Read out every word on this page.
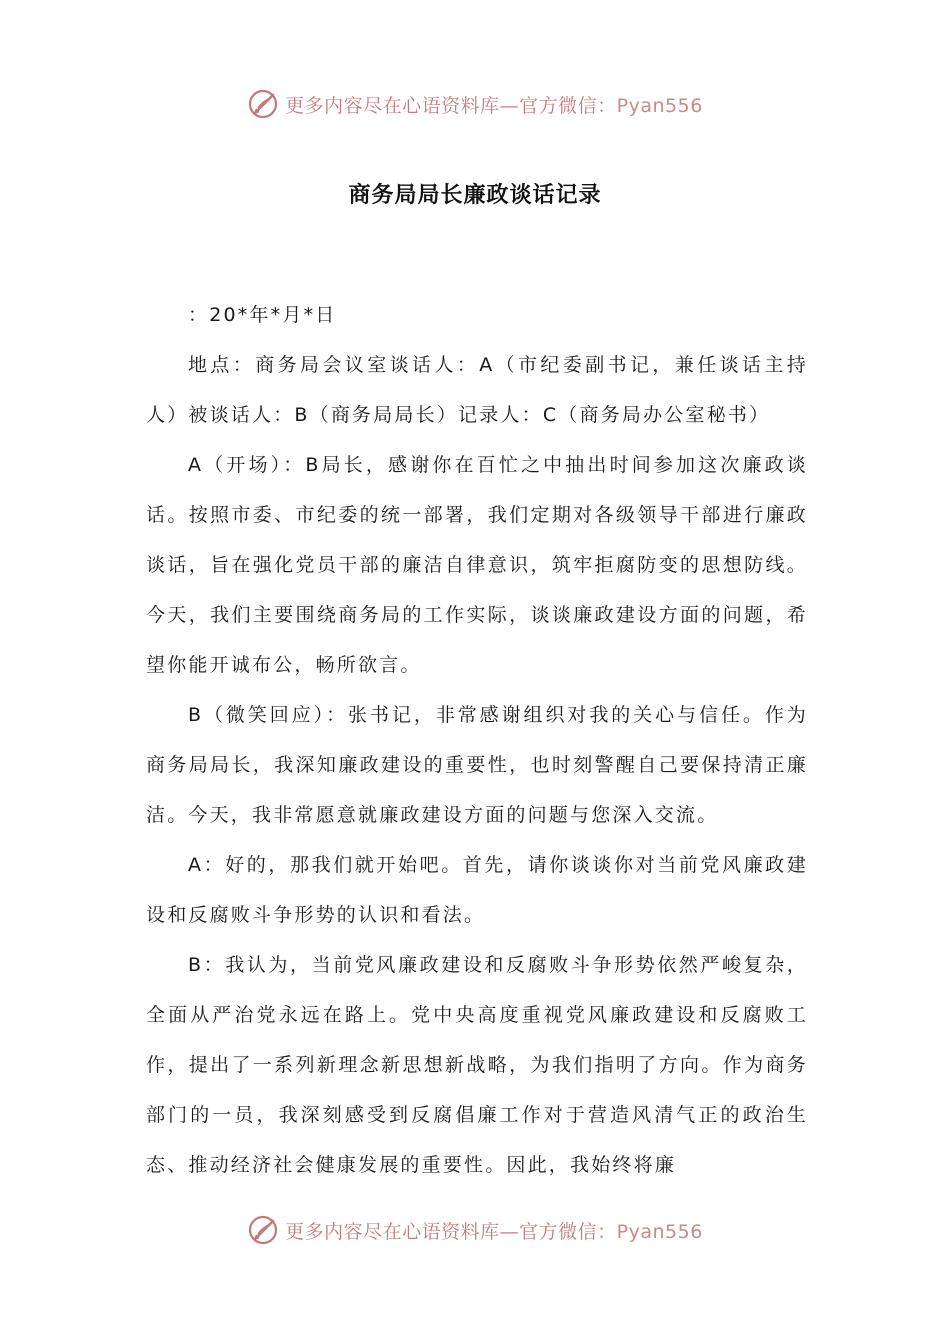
更多内容尽在心语资料库—官方微信：Pyan556
商务局局长廉政谈话记录

：20*年*月*日

地点：商务局会议室谈话人：A（市纪委副书记，兼任谈话主持人）被谈话人：B（商务局局长）记录人：C（商务局办公室秘书）

A（开场）：B局长，感谢你在百忙之中抽出时间参加这次廉政谈话。按照市委、市纪委的统一部署，我们定期对各级领导干部进行廉政谈话，旨在强化党员干部的廉洁自律意识，筑牢拒腐防变的思想防线。今天，我们主要围绕商务局的工作实际，谈谈廉政建设方面的问题，希望你能开诚布公，畅所欲言。

B（微笑回应）：张书记，非常感谢组织对我的关心与信任。作为商务局局长，我深知廉政建设的重要性，也时刻警醒自己要保持清正廉洁。今天，我非常愿意就廉政建设方面的问题与您深入交流。

A：好的，那我们就开始吧。首先，请你谈谈你对当前党风廉政建设和反腐败斗争形势的认识和看法。

B：我认为，当前党风廉政建设和反腐败斗争形势依然严峻复杂，全面从严治党永远在路上。党中央高度重视党风廉政建设和反腐败工作，提出了一系列新理念新思想新战略，为我们指明了方向。作为商务部门的一员，我深刻感受到反腐倡廉工作对于营造风清气正的政治生态、推动经济社会健康发展的重要性。因此，我始终将廉

更多内容尽在心语资料库—官方微信：Pyan556
